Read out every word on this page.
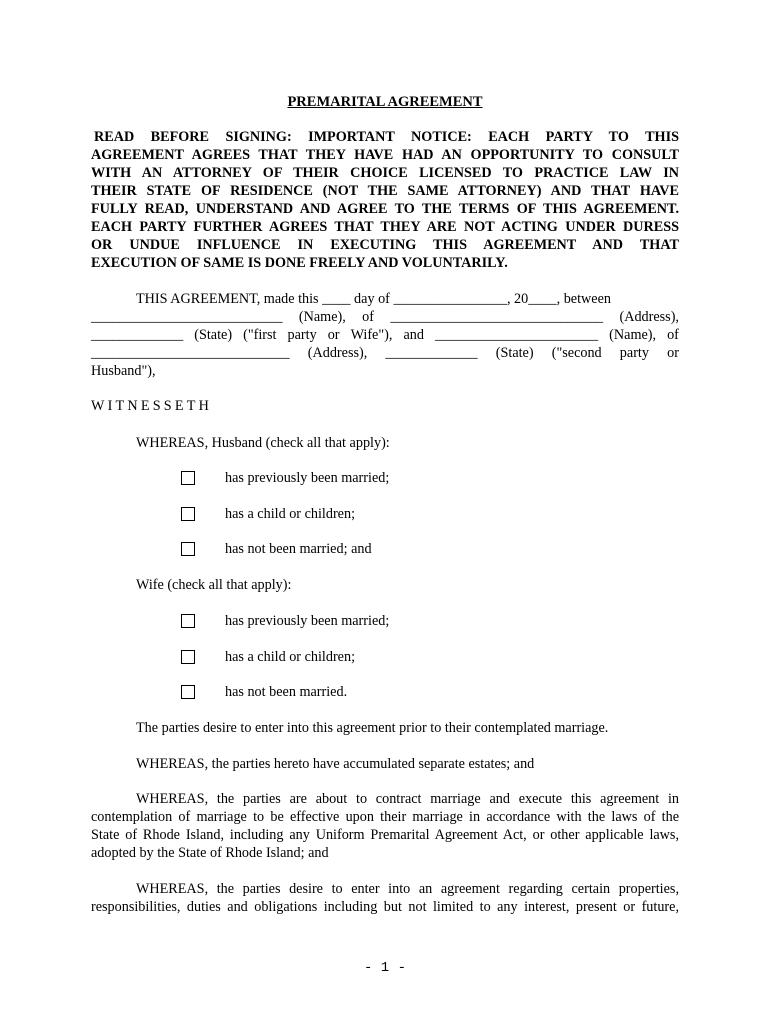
PREMARITAL AGREEMENT

READ BEFORE SIGNING: IMPORTANT NOTICE: EACH PARTY TO THIS

AGREEMENT AGREES THAT THEY HAVE HAD AN OPPORTUNITY TO CONSULT

WITH AN ATTORNEY OF THEIR CHOICE LICENSED TO PRACTICE LAW IN

THEIR STATE OF RESIDENCE (NOT THE SAME ATTORNEY) AND THAT HAVE

FULLY READ, UNDERSTAND AND AGREE TO THE TERMS OF THIS AGREEMENT.

EACH PARTY FURTHER AGREES THAT THEY ARE NOT ACTING UNDER DURESS

OR UNDUE INFLUENCE IN EXECUTING THIS AGREEMENT AND THAT

EXECUTION OF SAME IS DONE FREELY AND VOLUNTARILY.

THIS AGREEMENT, made this ____ day of ________________, 20____, between
___________________________ (Name), of ______________________________ (Address),
_____________ (State) ("first party or Wife"), and _______________________ (Name), of
____________________________ (Address), _____________ (State) ("second party or
Husband"),
WITNESSETH
WHEREAS, Husband (check all that apply):
has previously been married;
has a child or children;
has not been married; and
Wife (check all that apply):
has previously been married;
has a child or children;
has not been married.
The parties desire to enter into this agreement prior to their contemplated marriage.
WHEREAS, the parties hereto have accumulated separate estates; and

WHEREAS, the parties are about to contract marriage and execute this agreement in

contemplation of marriage to be effective upon their marriage in accordance with the laws of the

State of Rhode Island, including any Uniform Premarital Agreement Act, or other applicable laws,

adopted by the State of Rhode Island; and

WHEREAS, the parties desire to enter into an agreement regarding certain properties,

responsibilities, duties and obligations including but not limited to any interest, present or future,

- 1 -
